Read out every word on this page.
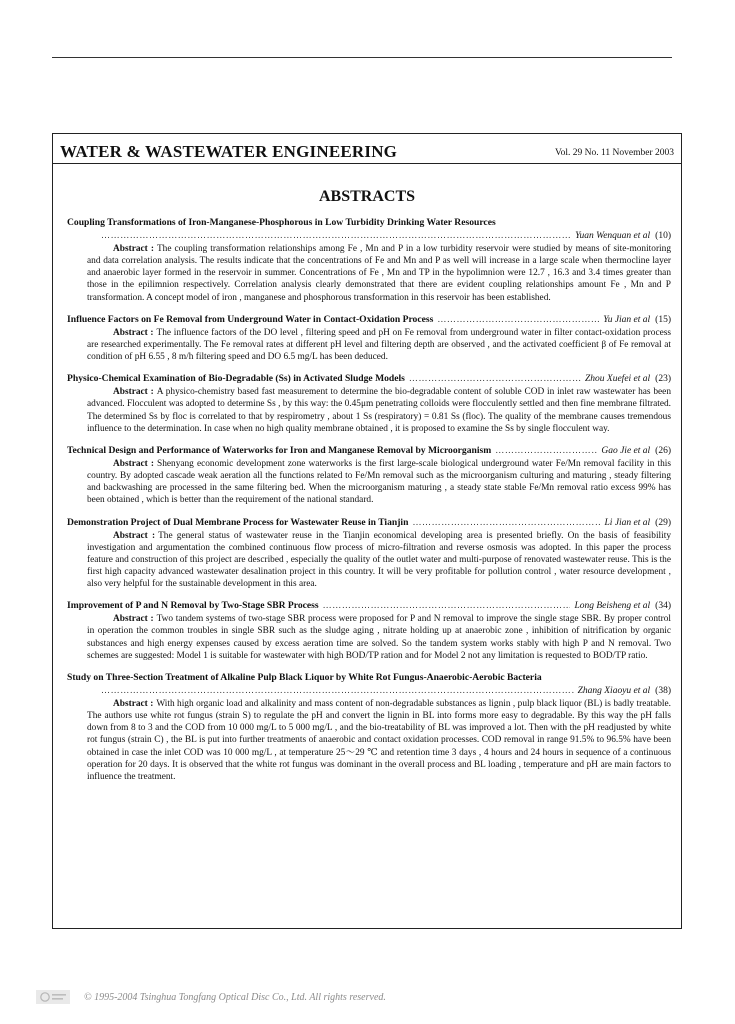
WATER & WASTEWATER ENGINEERING	Vol. 29 No. 11 November 2003
ABSTRACTS
Coupling Transformations of Iron-Manganese-Phosphorous in Low Turbidity Drinking Water Resources
…………………………………………………………………………………………………………………………………………
Yuan Wenquan et al (10)

Abstract : The coupling transformation relationships among Fe , Mn and P in a low turbidity reservoir were studied by means of site-monitoring and data correlation analysis. The results indicate that the concentrations of Fe and Mn and P as well will increase in a large scale when thermocline layer and anaerobic layer formed in the reservoir in summer. Concentrations of Fe , Mn and TP in the hypolimnion were 12.7 , 16.3 and 3.4 times greater than those in the epilimnion respectively. Correlation analysis clearly demonstrated that there are evident coupling relationships amount Fe , Mn and P transformation. A concept model of iron , manganese and phosphorous transformation in this reservoir has been established.

Influence Factors on Fe Removal from Underground Water in Contact-Oxidation Process …………………………………………………………………………………………………………………………………………	Yu Jian et al (15)

Abstract : The influence factors of the DO level , filtering speed and pH on Fe removal from underground water in filter contact-oxidation process are researched experimentally. The Fe removal rates at different pH level and filtering depth are observed , and the activated coefficient β of Fe removal at condition of pH 6.55 , 8 m/h filtering speed and DO 6.5 mg/L has been deduced.

Physico-Chemical Examination of Bio-Degradable (Ss) in Activated Sludge Models …………………………………………………………………………………………………………………………………………	Zhou Xuefei et al (23)

Abstract : A physico-chemistry based fast measurement to determine the bio-degradable content of soluble COD in inlet raw wastewater has been advanced. Flocculent was adopted to determine Ss , by this way: the 0.45μm penetrating colloids were flocculently settled and then fine membrane filtrated. The determined Ss by floc is correlated to that by respirometry , about 1 Ss (respiratory) = 0.81 Ss (floc). The quality of the membrane causes tremendous influence to the determination. In case when no high quality membrane obtained , it is proposed to examine the Ss by single flocculent way.

Technical Design and Performance of Waterworks for Iron and Manganese Removal by Microorganism …………………………………………………………………………………………………………………………………………	Gao Jie et al (26)

Abstract : Shenyang economic development zone waterworks is the first large-scale biological underground water Fe/Mn removal facility in this country. By adopted cascade weak aeration all the functions related to Fe/Mn removal such as the microorganism culturing and maturing , steady filtering and backwashing are processed in the same filtering bed. When the microorganism maturing , a steady state stable Fe/Mn removal ratio excess 99% has been obtained , which is better than the requirement of the national standard.

Demonstration Project of Dual Membrane Process for Wastewater Reuse in Tianjin …………………………………………………………………………………………………………………………………………	Li Jian et al (29)

Abstract : The general status of wastewater reuse in the Tianjin economical developing area is presented briefly. On the basis of feasibility investigation and argumentation the combined continuous flow process of micro-filtration and reverse osmosis was adopted. In this paper the process feature and construction of this project are described , especially the quality of the outlet water and multi-purpose of renovated wastewater reuse. This is the first high capacity advanced wastewater desalination project in this country. It will be very profitable for pollution control , water resource development , also very helpful for the sustainable development in this area.

Improvement of P and N Removal by Two-Stage SBR Process …………………………………………………………………………………………………………………………………………	Long Beisheng et al (34)

Abstract : Two tandem systems of two-stage SBR process were proposed for P and N removal to improve the single stage SBR. By proper control in operation the common troubles in single SBR such as the sludge aging , nitrate holding up at anaerobic zone , inhibition of nitrification by organic substances and high energy expenses caused by excess aeration time are solved. So the tandem system works stably with high P and N removal. Two schemes are suggested: Model 1 is suitable for wastewater with high BOD/TP ration and for Model 2 not any limitation is requested to BOD/TP ratio.

Study on Three-Section Treatment of Alkaline Pulp Black Liquor by White Rot Fungus-Anaerobic-Aerobic Bacteria
…………………………………………………………………………………………………………………………………………
Zhang Xiaoyu et al (38)

Abstract : With high organic load and alkalinity and mass content of non-degradable substances as lignin , pulp black liquor (BL) is badly treatable. The authors use white rot fungus (strain S) to regulate the pH and convert the lignin in BL into forms more easy to degradable. By this way the pH falls down from 8 to 3 and the COD from 10 000 mg/L to 5 000 mg/L , and the bio-treatability of BL was improved a lot. Then with the pH readjusted by white rot fungus (strain C) , the BL is put into further treatments of anaerobic and contact oxidation processes. COD removal in range 91.5% to 96.5% have been obtained in case the inlet COD was 10 000 mg/L , at temperature 25～29 ℃ and retention time 3 days , 4 hours and 24 hours in sequence of a continuous operation for 20 days. It is observed that the white rot fungus was dominant in the overall process and BL loading , temperature and pH are main factors to influence the treatment.

© 1995-2004 Tsinghua Tongfang Optical Disc Co., Ltd. All rights reserved.
